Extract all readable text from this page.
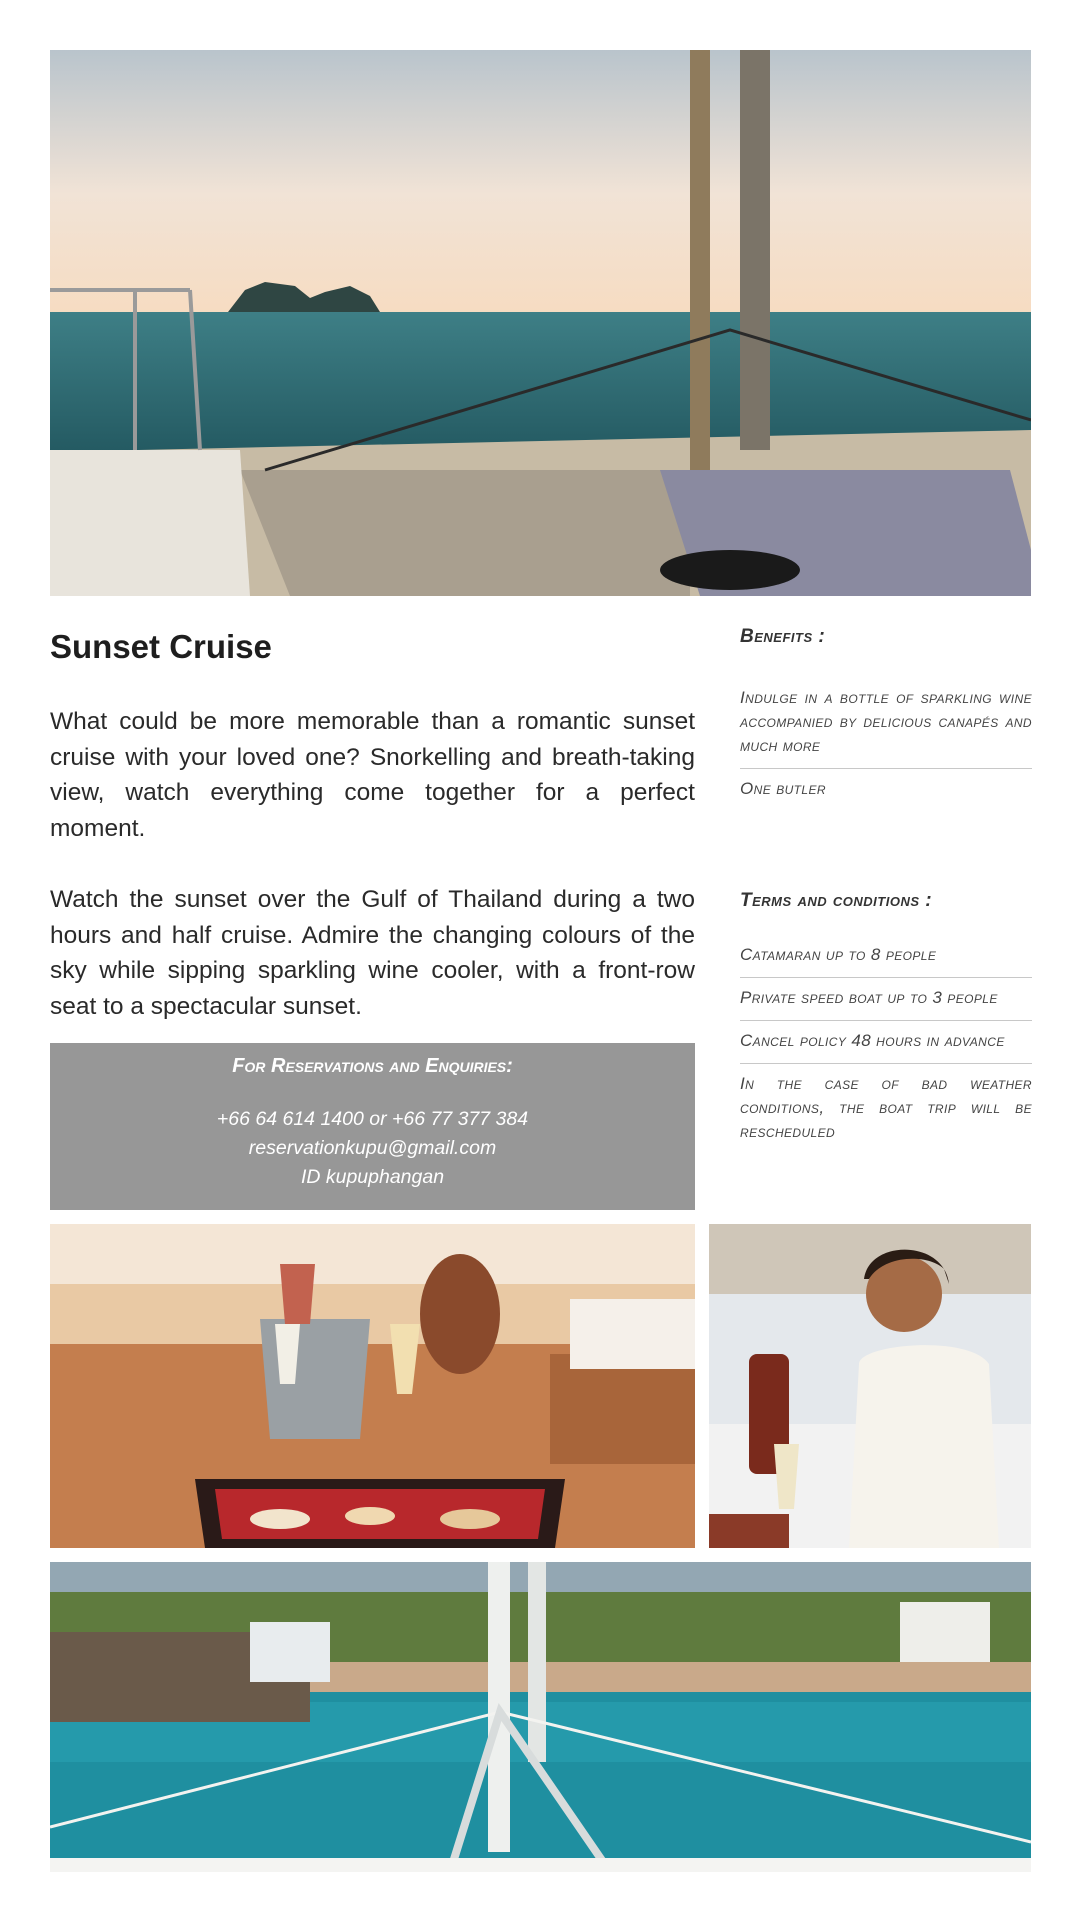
Sunset Cruise

What could be more memorable than a romantic sunset cruise with your loved one? Snorkelling and breath-taking view, watch everything come together for a perfect moment.

Watch the sunset over the Gulf of Thailand during a two hours and half cruise. Admire the changing colours of the sky while sipping sparkling wine cooler, with a front-row seat to a spectacular sunset.

For Reservations and Enquiries:
+66 64 614 1400 or +66 77 377 384
reservationkupu@gmail.com
ID kupuphangan
Benefits :
Indulge in a bottle of sparkling wine accompanied by delicious canapés and much more
One butler
Terms and conditions :
Catamaran up to 8 people
Private speed boat up to 3 people
Cancel policy 48 hours in advance
In the case of bad weather conditions, the boat trip will be rescheduled
